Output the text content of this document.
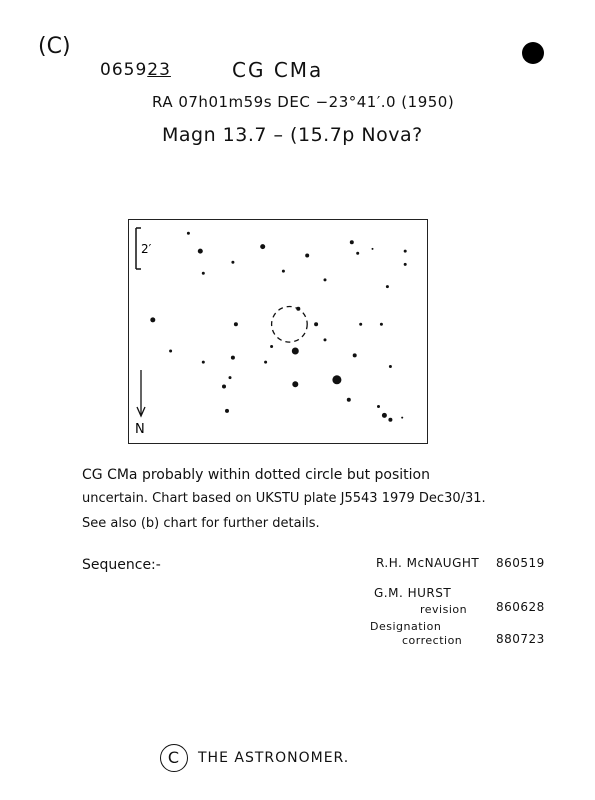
(C)
065923	CG CMa
RA 07h01m59s DEC −23°41′.0 (1950)
Magn 13.7 – (15.7p Nova?
2′
N
CG CMa probably within dotted circle but position
uncertain. Chart based on UKSTU plate J5543 1979 Dec30/31.
See also (b) chart for further details.
Sequence:-	R.H. McNAUGHT 860519
G.M. HURST
revision 860628
Designation
correction	880723
C THE ASTRONOMER.
